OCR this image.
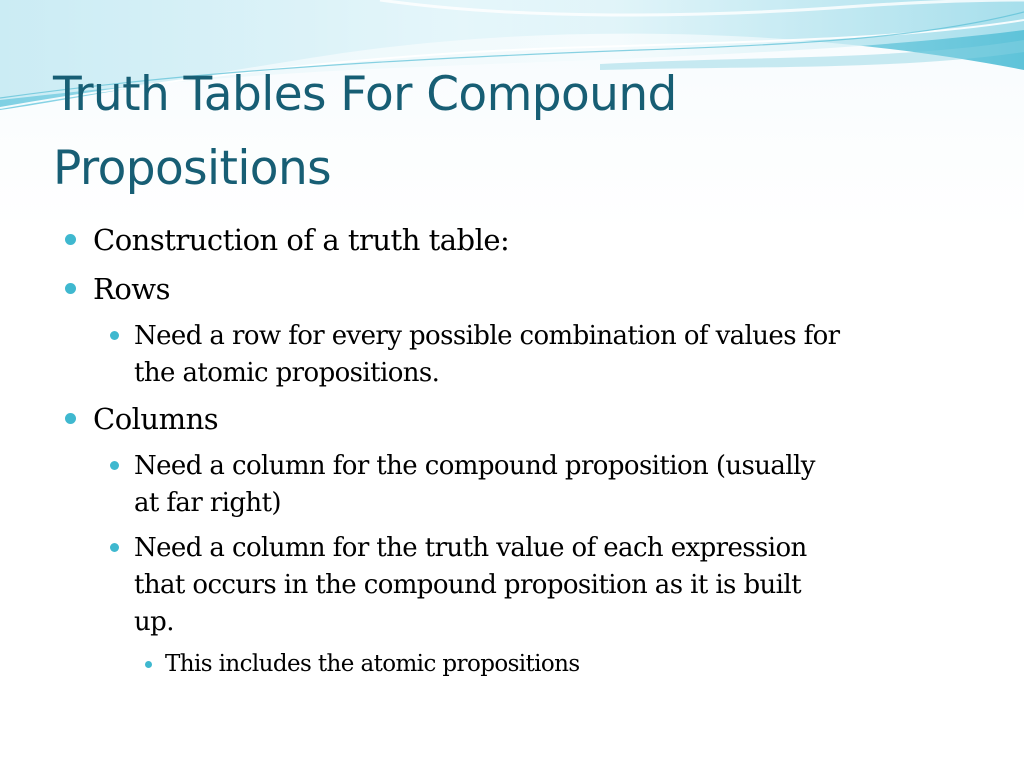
Truth Tables For Compound
Propositions
Construction of a truth table:
Rows
Need a row for every possible combination of values for
the atomic propositions.
Columns
Need a column for the compound proposition (usually
at far right)
Need a column for the truth value of each expression
that occurs in the compound proposition as it is built
up.
This includes the atomic propositions
